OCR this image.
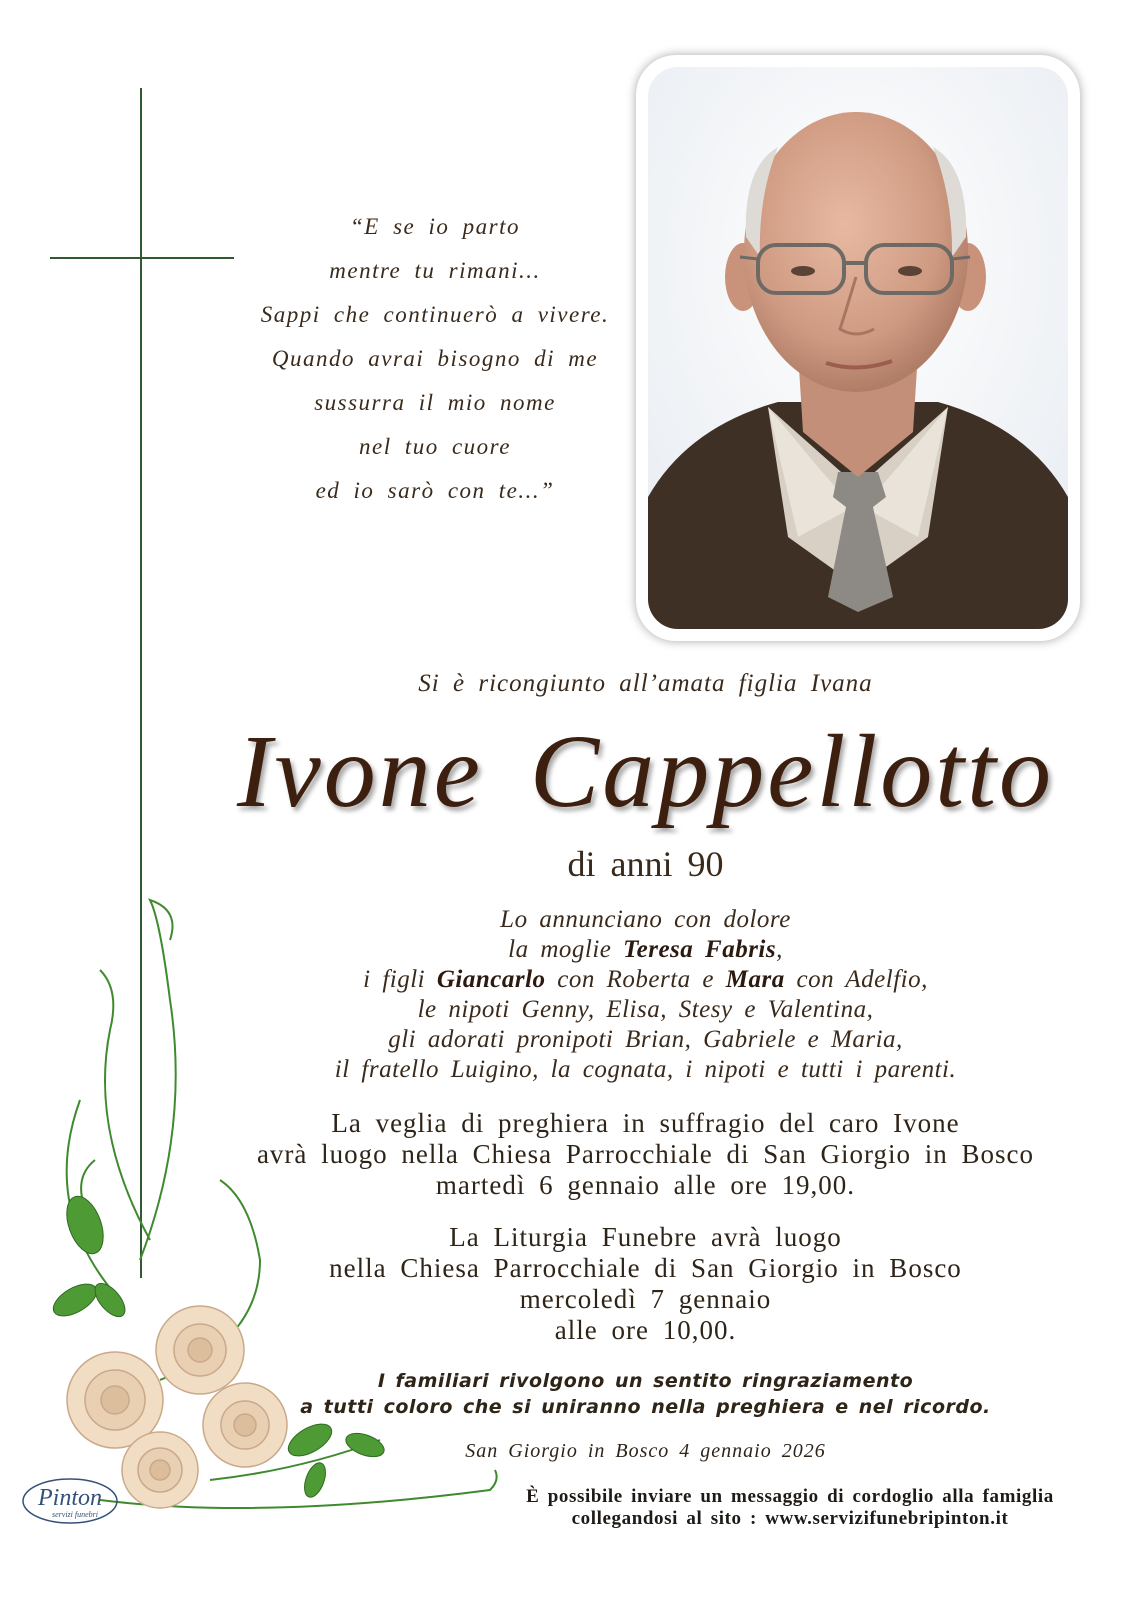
“E se io parto
mentre tu rimani...
Sappi che continuerò a vivere.
Quando avrai bisogno di me
sussurra il mio nome
nel tuo cuore
ed io sarò con te...”
Si è ricongiunto all’amata figlia Ivana
Ivone Cappellotto
di anni 90
Lo annunciano con dolore
la moglie Teresa Fabris,
i figli Giancarlo con Roberta e Mara con Adelfio,
le nipoti Genny, Elisa, Stesy e Valentina,
gli adorati pronipoti Brian, Gabriele e Maria,
il fratello Luigino, la cognata, i nipoti e tutti i parenti.
La veglia di preghiera in suffragio del caro Ivone
avrà luogo nella Chiesa Parrocchiale di San Giorgio in Bosco
martedì 6 gennaio alle ore 19,00.
La Liturgia Funebre avrà luogo
nella Chiesa Parrocchiale di San Giorgio in Bosco
mercoledì 7 gennaio
alle ore 10,00.
I familiari rivolgono un sentito ringraziamento
a tutti coloro che si uniranno nella preghiera e nel ricordo.
San Giorgio in Bosco 4 gennaio 2026
Pinton
servizi funebri
È possibile inviare un messaggio di cordoglio alla famiglia
collegandosi al sito : www.servizifunebripinton.it
